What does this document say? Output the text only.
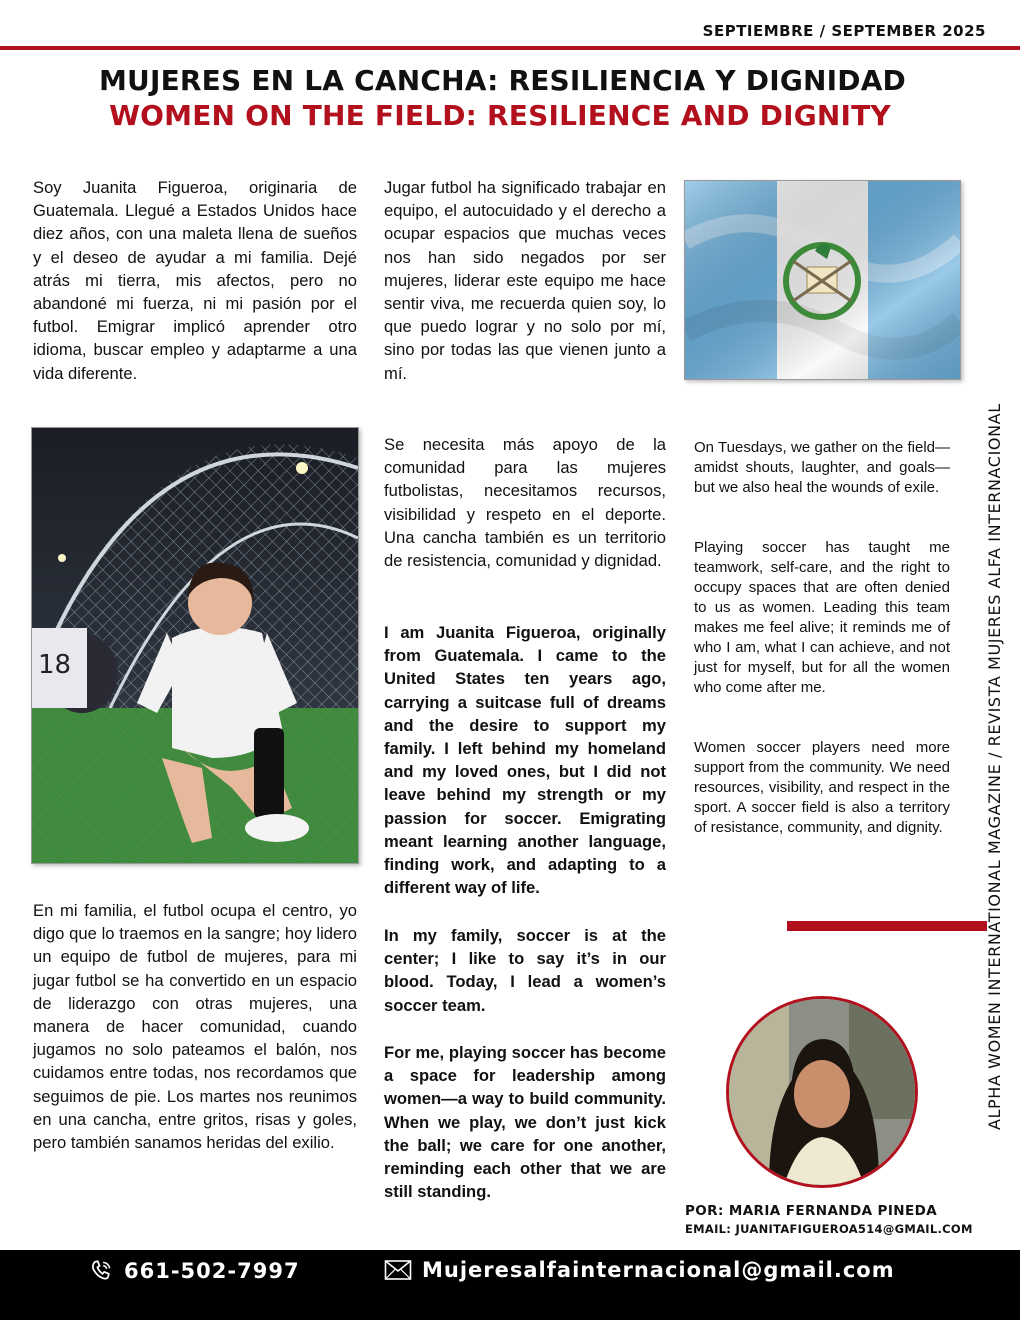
SEPTIEMBRE / SEPTEMBER 2025
MUJERES EN LA CANCHA: RESILIENCIA Y DIGNIDAD
WOMEN ON THE FIELD: RESILIENCE AND DIGNITY

Soy Juanita Figueroa, originaria de Guatemala. Llegué a Estados Unidos hace diez años, con una maleta llena de sueños y el deseo de ayudar a mi familia. Dejé atrás mi tierra, mis afectos, pero no abandoné mi fuerza, ni mi pasión por el futbol. Emigrar implicó aprender otro idioma, buscar empleo y adaptarme a una vida diferente.

18

En mi familia, el futbol ocupa el centro, yo digo que lo traemos en la sangre; hoy lidero un equipo de futbol de mujeres, para mi jugar futbol se ha convertido en un espacio de liderazgo con otras mujeres, una manera de hacer comunidad, cuando jugamos no solo pateamos el balón, nos cuidamos entre todas, nos recordamos que seguimos de pie. Los martes nos reunimos en una cancha, entre gritos, risas y goles, pero también sanamos heridas del exilio.

Jugar futbol ha significado trabajar en equipo, el autocuidado y el derecho a ocupar espacios que muchas veces nos han sido negados por ser mujeres, liderar este equipo me hace sentir viva, me recuerda quien soy, lo que puedo lograr y no solo por mí, sino por todas las que vienen junto a mí.

Se necesita más apoyo de la comunidad para las mujeres futbolistas, necesitamos recursos, visibilidad y respeto en el deporte. Una cancha también es un territorio de resistencia, comunidad y dignidad.

I am Juanita Figueroa, originally from Guatemala. I came to the United States ten years ago, carrying a suitcase full of dreams and the desire to support my family. I left behind my homeland and my loved ones, but I did not leave behind my strength or my passion for soccer. Emigrating meant learning another language, finding work, and adapting to a different way of life.

In my family, soccer is at the center; I like to say it’s in our blood. Today, I lead a women’s soccer team.

For me, playing soccer has become a space for leadership among women—a way to build community. When we play, we don’t just kick the ball; we care for one another, reminding each other that we are still standing.

On Tuesdays, we gather on the field—amidst shouts, laughter, and goals—but we also heal the wounds of exile.

Playing soccer has taught me teamwork, self-care, and the right to occupy spaces that are often denied to us as women. Leading this team makes me feel alive; it reminds me of who I am, what I can achieve, and not just for myself, but for all the women who come after me.

Women soccer players need more support from the community. We need resources, visibility, and respect in the sport. A soccer field is also a territory of resistance, community, and dignity.	ALPHA WOMEN INTERNATIONAL MAGAZINE / REVISTA MUJERES ALFA INTERNACIONAL
POR: MARIA FERNANDA PINEDA
EMAIL: JUANITAFIGUEROA514@GMAIL.COM
661-502-7997	Mujeresalfainternacional@gmail.com
